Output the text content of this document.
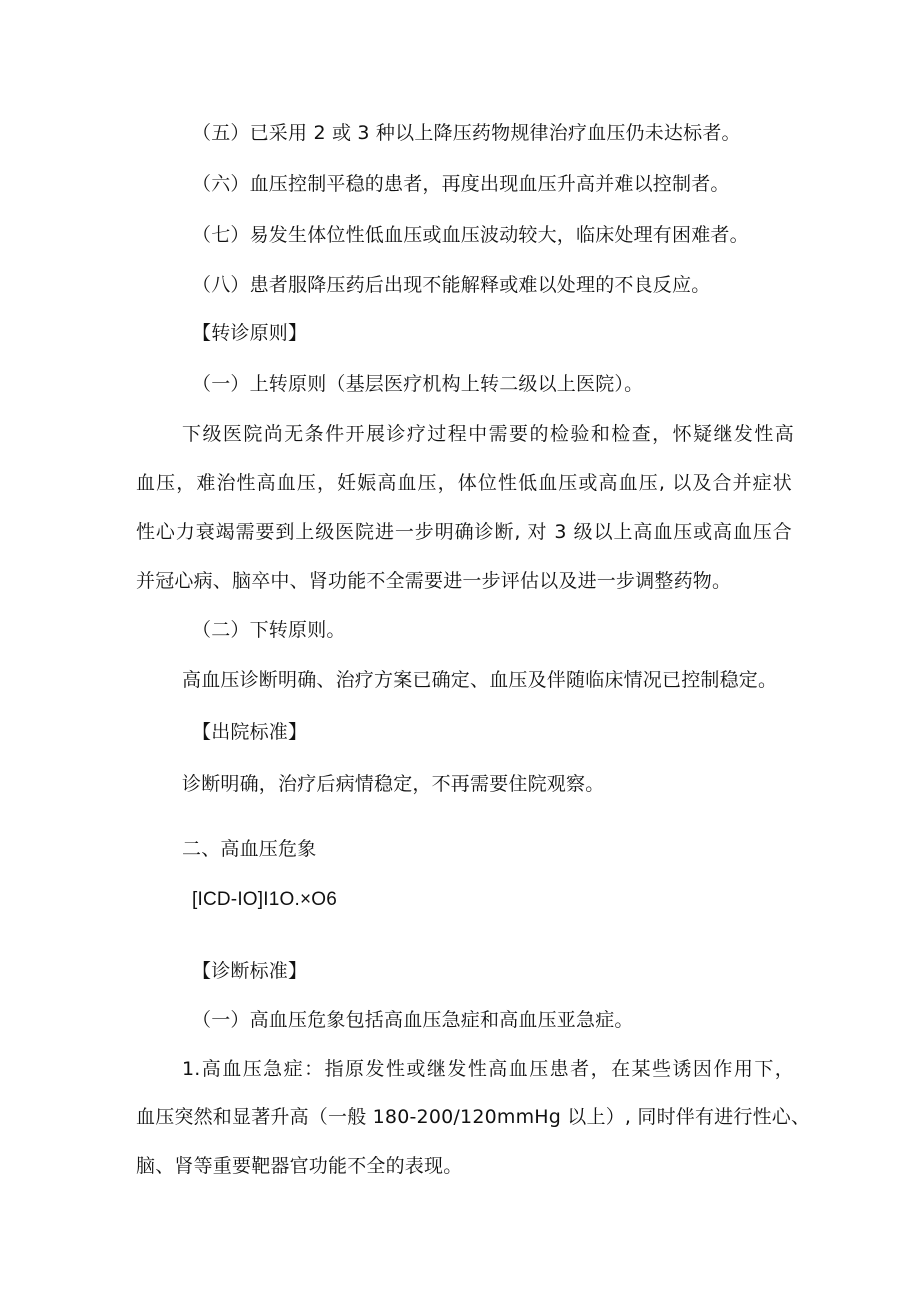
（五）已采用 2 或 3 种以上降压药物规律治疗血压仍未达标者。
（六）血压控制平稳的患者，再度出现血压升高并难以控制者。
（七）易发生体位性低血压或血压波动较大，临床处理有困难者。
（八）患者服降压药后出现不能解释或难以处理的不良反应。
【转诊原则】
（一）上转原则（基层医疗机构上转二级以上医院）。
下级医院尚无条件开展诊疗过程中需要的检验和检查，怀疑继发性高
血压，难治性高血压，妊娠高血压，体位性低血压或高血压, 以及合并症状
性心力衰竭需要到上级医院进一步明确诊断, 对 3 级以上高血压或高血压合
并冠心病、脑卒中、肾功能不全需要进一步评估以及进一步调整药物。
（二）下转原则。
高血压诊断明确、治疗方案已确定、血压及伴随临床情况已控制稳定。
【出院标准】
诊断明确，治疗后病情稳定，不再需要住院观察。
二、高血压危象
[ICD-IO]I1O.×O6
【诊断标准】
（一）高血压危象包括高血压急症和高血压亚急症。
1.高血压急症：指原发性或继发性高血压患者，在某些诱因作用下，
血压突然和显著升高（一般 180-200/120mmHg 以上）, 同时伴有进行性心、
脑、肾等重要靶器官功能不全的表现。
